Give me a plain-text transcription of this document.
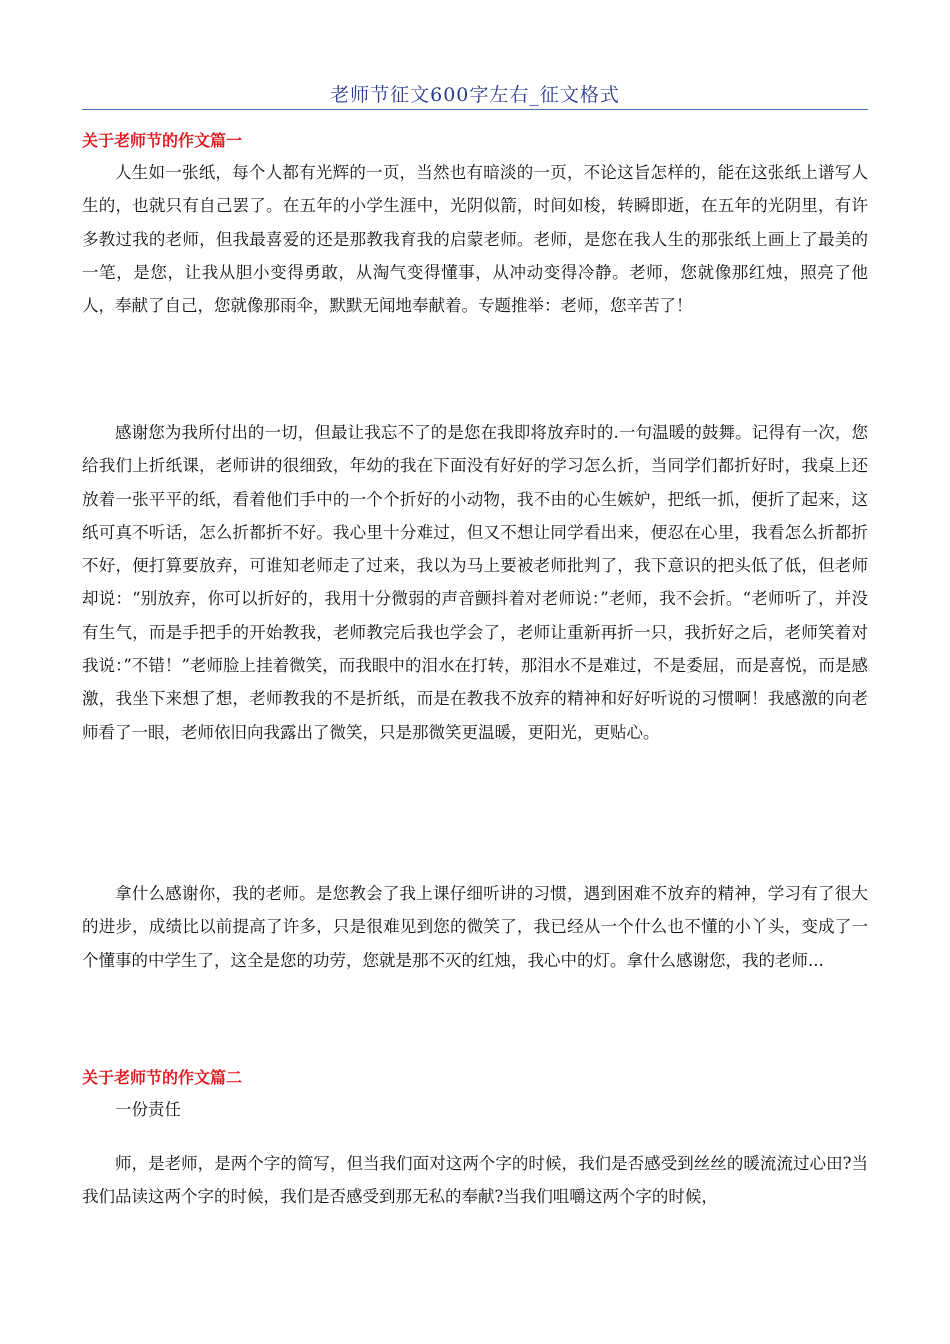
老师节征文600字左右_征文格式
关于老师节的作文篇一

人生如一张纸，每个人都有光辉的一页，当然也有暗淡的一页，不论这旨怎样的，能在这张纸上谱写人生的，也就只有自己罢了。在五年的小学生涯中，光阴似箭，时间如梭，转瞬即逝，在五年的光阴里，有许多教过我的老师，但我最喜爱的还是那教我育我的启蒙老师。老师，是您在我人生的那张纸上画上了最美的一笔，是您，让我从胆小变得勇敢，从淘气变得懂事，从冲动变得冷静。老师，您就像那红烛，照亮了他人，奉献了自己，您就像那雨伞，默默无闻地奉献着。专题推举：老师，您辛苦了！

感谢您为我所付出的一切，但最让我忘不了的是您在我即将放弃时的.一句温暖的鼓舞。记得有一次，您给我们上折纸课，老师讲的很细致，年幼的我在下面没有好好的学习怎么折，当同学们都折好时，我桌上还放着一张平平的纸，看着他们手中的一个个折好的小动物，我不由的心生嫉妒，把纸一抓，便折了起来，这纸可真不听话，怎么折都折不好。我心里十分难过，但又不想让同学看出来，便忍在心里，我看怎么折都折不好，便打算要放弃，可谁知老师走了过来，我以为马上要被老师批判了，我下意识的把头低了低，但老师却说：“别放弃，你可以折好的，我用十分微弱的声音颤抖着对老师说：”老师，我不会折。“老师听了，并没有生气，而是手把手的开始教我，老师教完后我也学会了，老师让重新再折一只，我折好之后，老师笑着对我说：”不错！”老师脸上挂着微笑，而我眼中的泪水在打转，那泪水不是难过，不是委屈，而是喜悦，而是感激，我坐下来想了想，老师教我的不是折纸，而是在教我不放弃的精神和好好听说的习惯啊！我感激的向老师看了一眼，老师依旧向我露出了微笑，只是那微笑更温暖，更阳光，更贴心。

拿什么感谢你，我的老师。是您教会了我上课仔细听讲的习惯，遇到困难不放弃的精神，学习有了很大的进步，成绩比以前提高了许多，只是很难见到您的微笑了，我已经从一个什么也不懂的小丫头，变成了一个懂事的中学生了，这全是您的功劳，您就是那不灭的红烛，我心中的灯。拿什么感谢您，我的老师...

关于老师节的作文篇二

一份责任

师，是老师，是两个字的简写，但当我们面对这两个字的时候，我们是否感受到丝丝的暖流流过心田?当我们品读这两个字的时候，我们是否感受到那无私的奉献?当我们咀嚼这两个字的时候，
